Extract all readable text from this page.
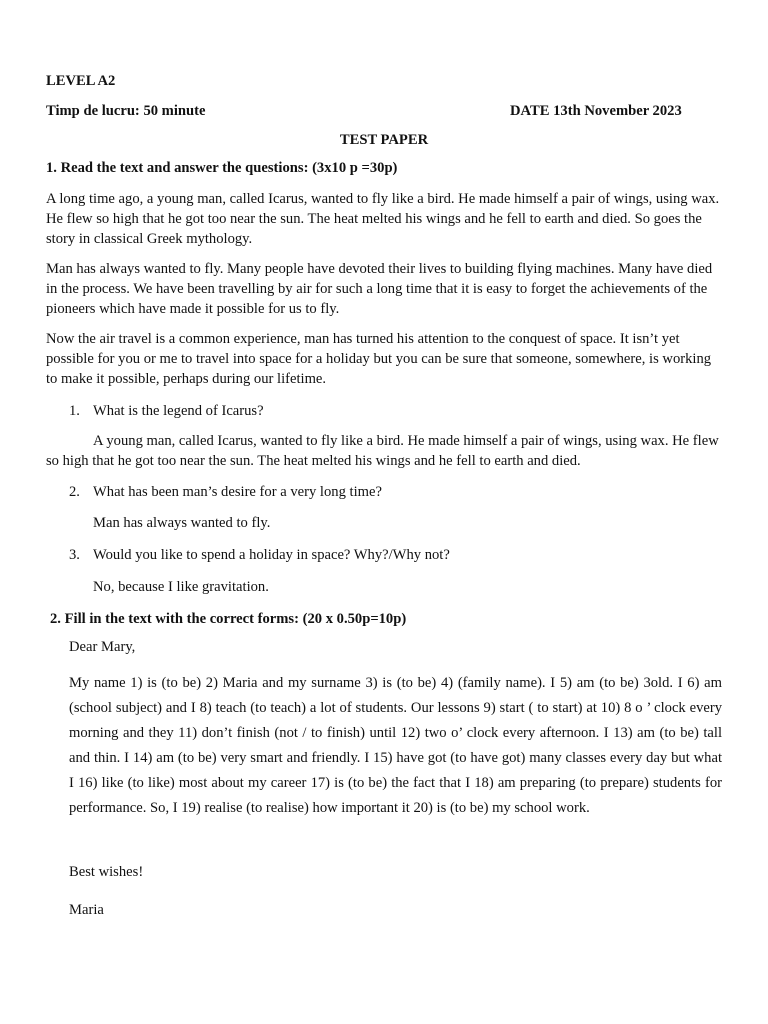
LEVEL A2

Timp de lucru: 50 minute	DATE 13th November 2023

TEST PAPER

1. Read the text and answer the questions: (3x10 p =30p)

A long time ago, a young man, called Icarus, wanted to fly like a bird. He made himself a pair of wings, using wax. He flew so high that he got too near the sun. The heat melted his wings and he fell to earth and died. So goes the story in classical Greek mythology.

Man has always wanted to fly. Many people have devoted their lives to building flying machines. Many have died in the process. We have been travelling by air for such a long time that it is easy to forget the achievements of the pioneers which have made it possible for us to fly.

Now the air travel is a common experience, man has turned his attention to the conquest of space. It isn’t yet possible for you or me to travel into space for a holiday but you can be sure that someone, somewhere, is working to make it possible, perhaps during our lifetime.

1. What is the legend of Icarus?

A young man, called Icarus, wanted to fly like a bird. He made himself a pair of wings, using wax. He flew so high that he got too near the sun. The heat melted his wings and he fell to earth and died.

2. What has been man’s desire for a very long time?

Man has always wanted to fly.

3. Would you like to spend a holiday in space? Why?/Why not?

No, because I like gravitation.

2. Fill in the text with the correct forms: (20 x 0.50p=10p)

Dear Mary,

My name 1) is (to be) 2) Maria and my surname 3) is (to be) 4) (family name). I 5) am (to be) 3old. I 6) am (school subject) and I 8) teach (to teach) a lot of students. Our lessons 9) start ( to start) at 10) 8 o ’ clock every morning and they 11) don’t finish (not / to finish) until 12) two o’ clock every afternoon. I 13) am (to be) tall and thin. I 14) am (to be) very smart and friendly. I 15) have got (to have got) many classes every day but what I 16) like (to like) most about my career 17) is (to be) the fact that I 18) am preparing (to prepare) students for performance. So, I 19) realise (to realise) how important it 20) is (to be) my school work.

Best wishes!

Maria
